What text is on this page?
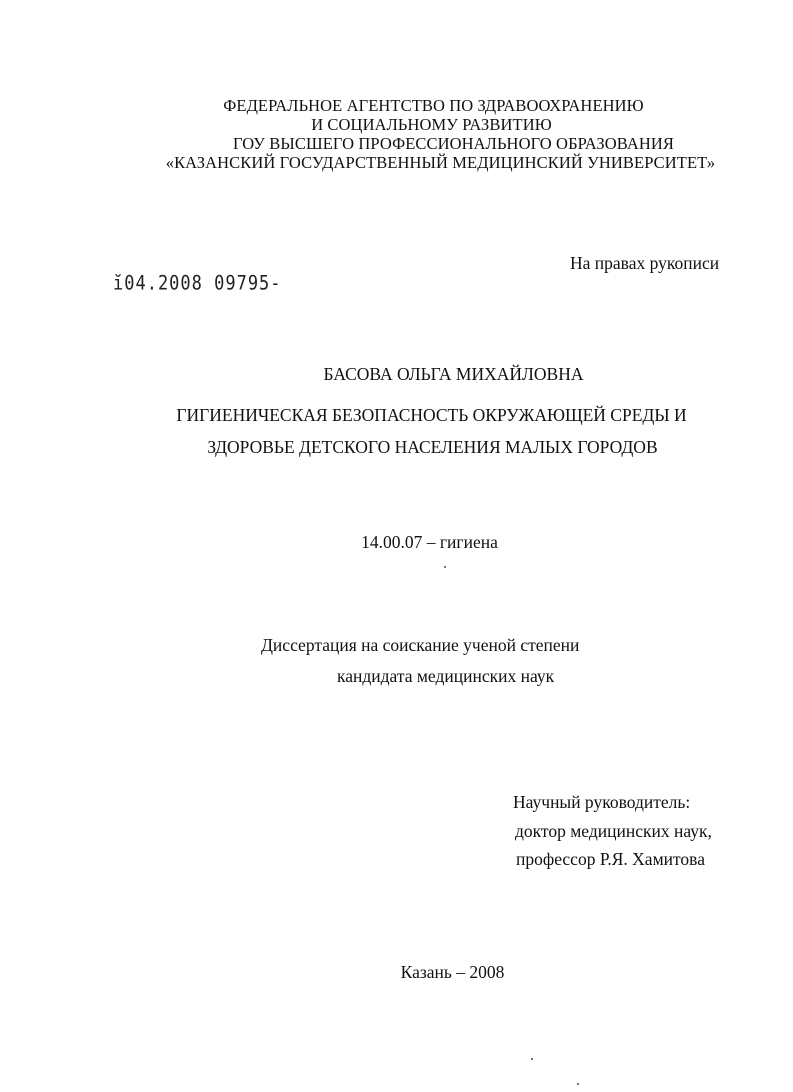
ФЕДЕРАЛЬНОЕ АГЕНТСТВО ПО ЗДРАВООХРАНЕНИЮ
И СОЦИАЛЬНОМУ РАЗВИТИЮ
ГОУ ВЫСШЕГО ПРОФЕССИОНАЛЬНОГО ОБРАЗОВАНИЯ
«КАЗАНСКИЙ ГОСУДАРСТВЕННЫЙ МЕДИЦИНСКИЙ УНИВЕРСИТЕТ»
На правах рукописи
ĭ04.2008 09795-
БАСОВА ОЛЬГА МИХАЙЛОВНА
ГИГИЕНИЧЕСКАЯ БЕЗОПАСНОСТЬ ОКРУЖАЮЩЕЙ СРЕДЫ И
ЗДОРОВЬЕ ДЕТСКОГО НАСЕЛЕНИЯ МАЛЫХ ГОРОДОВ
14.00.07 – гигиена
Диссертация на соискание ученой степени
кандидата медицинских наук
Научный руководитель:
доктор медицинских наук,
профессор Р.Я. Хамитова
Казань – 2008
